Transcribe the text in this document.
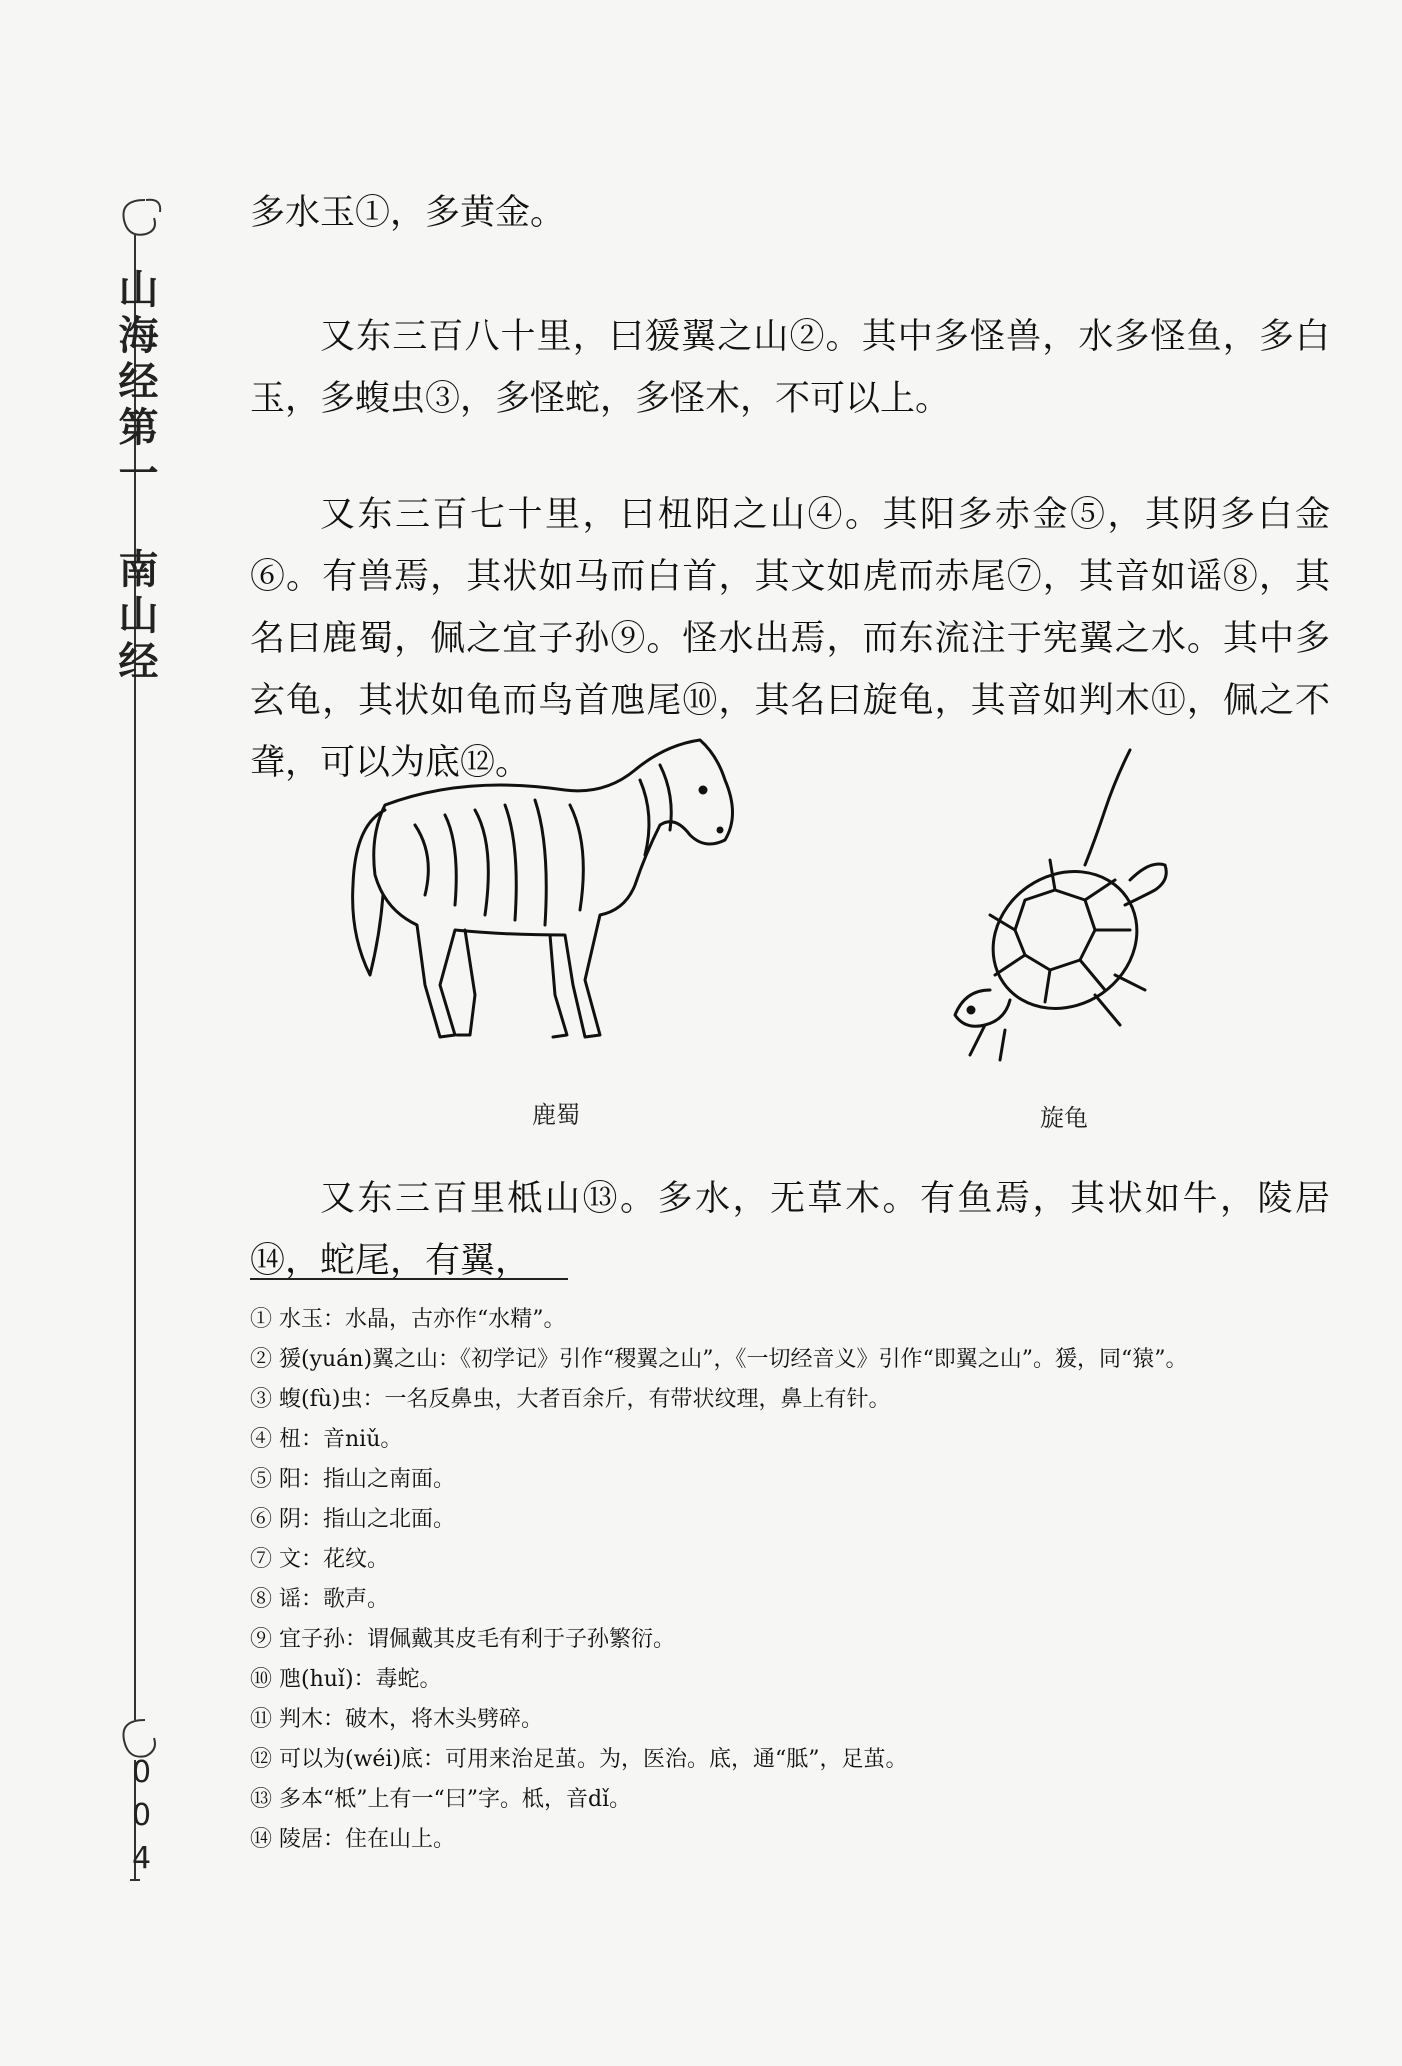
山海经第一
南山经
004

多水玉①，多黄金。

又东三百八十里，曰猨翼之山②。其中多怪兽，水多怪鱼，多白玉，多蝮虫③，多怪蛇，多怪木，不可以上。

又东三百七十里，曰杻阳之山④。其阳多赤金⑤，其阴多白金⑥。有兽焉，其状如马而白首，其文如虎而赤尾⑦，其音如谣⑧，其名曰鹿蜀，佩之宜子孙⑨。怪水出焉，而东流注于宪翼之水。其中多玄龟，其状如龟而鸟首虺尾⑩，其名曰旋龟，其音如判木⑪，佩之不聋，可以为底⑫。

又东三百里柢山⑬。多水，无草木。有鱼焉，其状如牛，陵居⑭，蛇尾，有翼，

鹿蜀	旋龟

① 水玉：水晶，古亦作“水精”。

② 猨(yuán)翼之山：《初学记》引作“稷翼之山”，《一切经音义》引作“即翼之山”。猨，同“猿”。

③ 蝮(fù)虫：一名反鼻虫，大者百余斤，有带状纹理，鼻上有针。

④ 杻：音niǔ。

⑤ 阳：指山之南面。

⑥ 阴：指山之北面。

⑦ 文：花纹。

⑧ 谣：歌声。

⑨ 宜子孙：谓佩戴其皮毛有利于子孙繁衍。

⑩ 虺(huǐ)：毒蛇。

⑪ 判木：破木，将木头劈碎。

⑫ 可以为(wéi)底：可用来治足茧。为，医治。底，通“胝”，足茧。

⑬ 多本“柢”上有一“曰”字。柢，音dǐ。

⑭ 陵居：住在山上。
